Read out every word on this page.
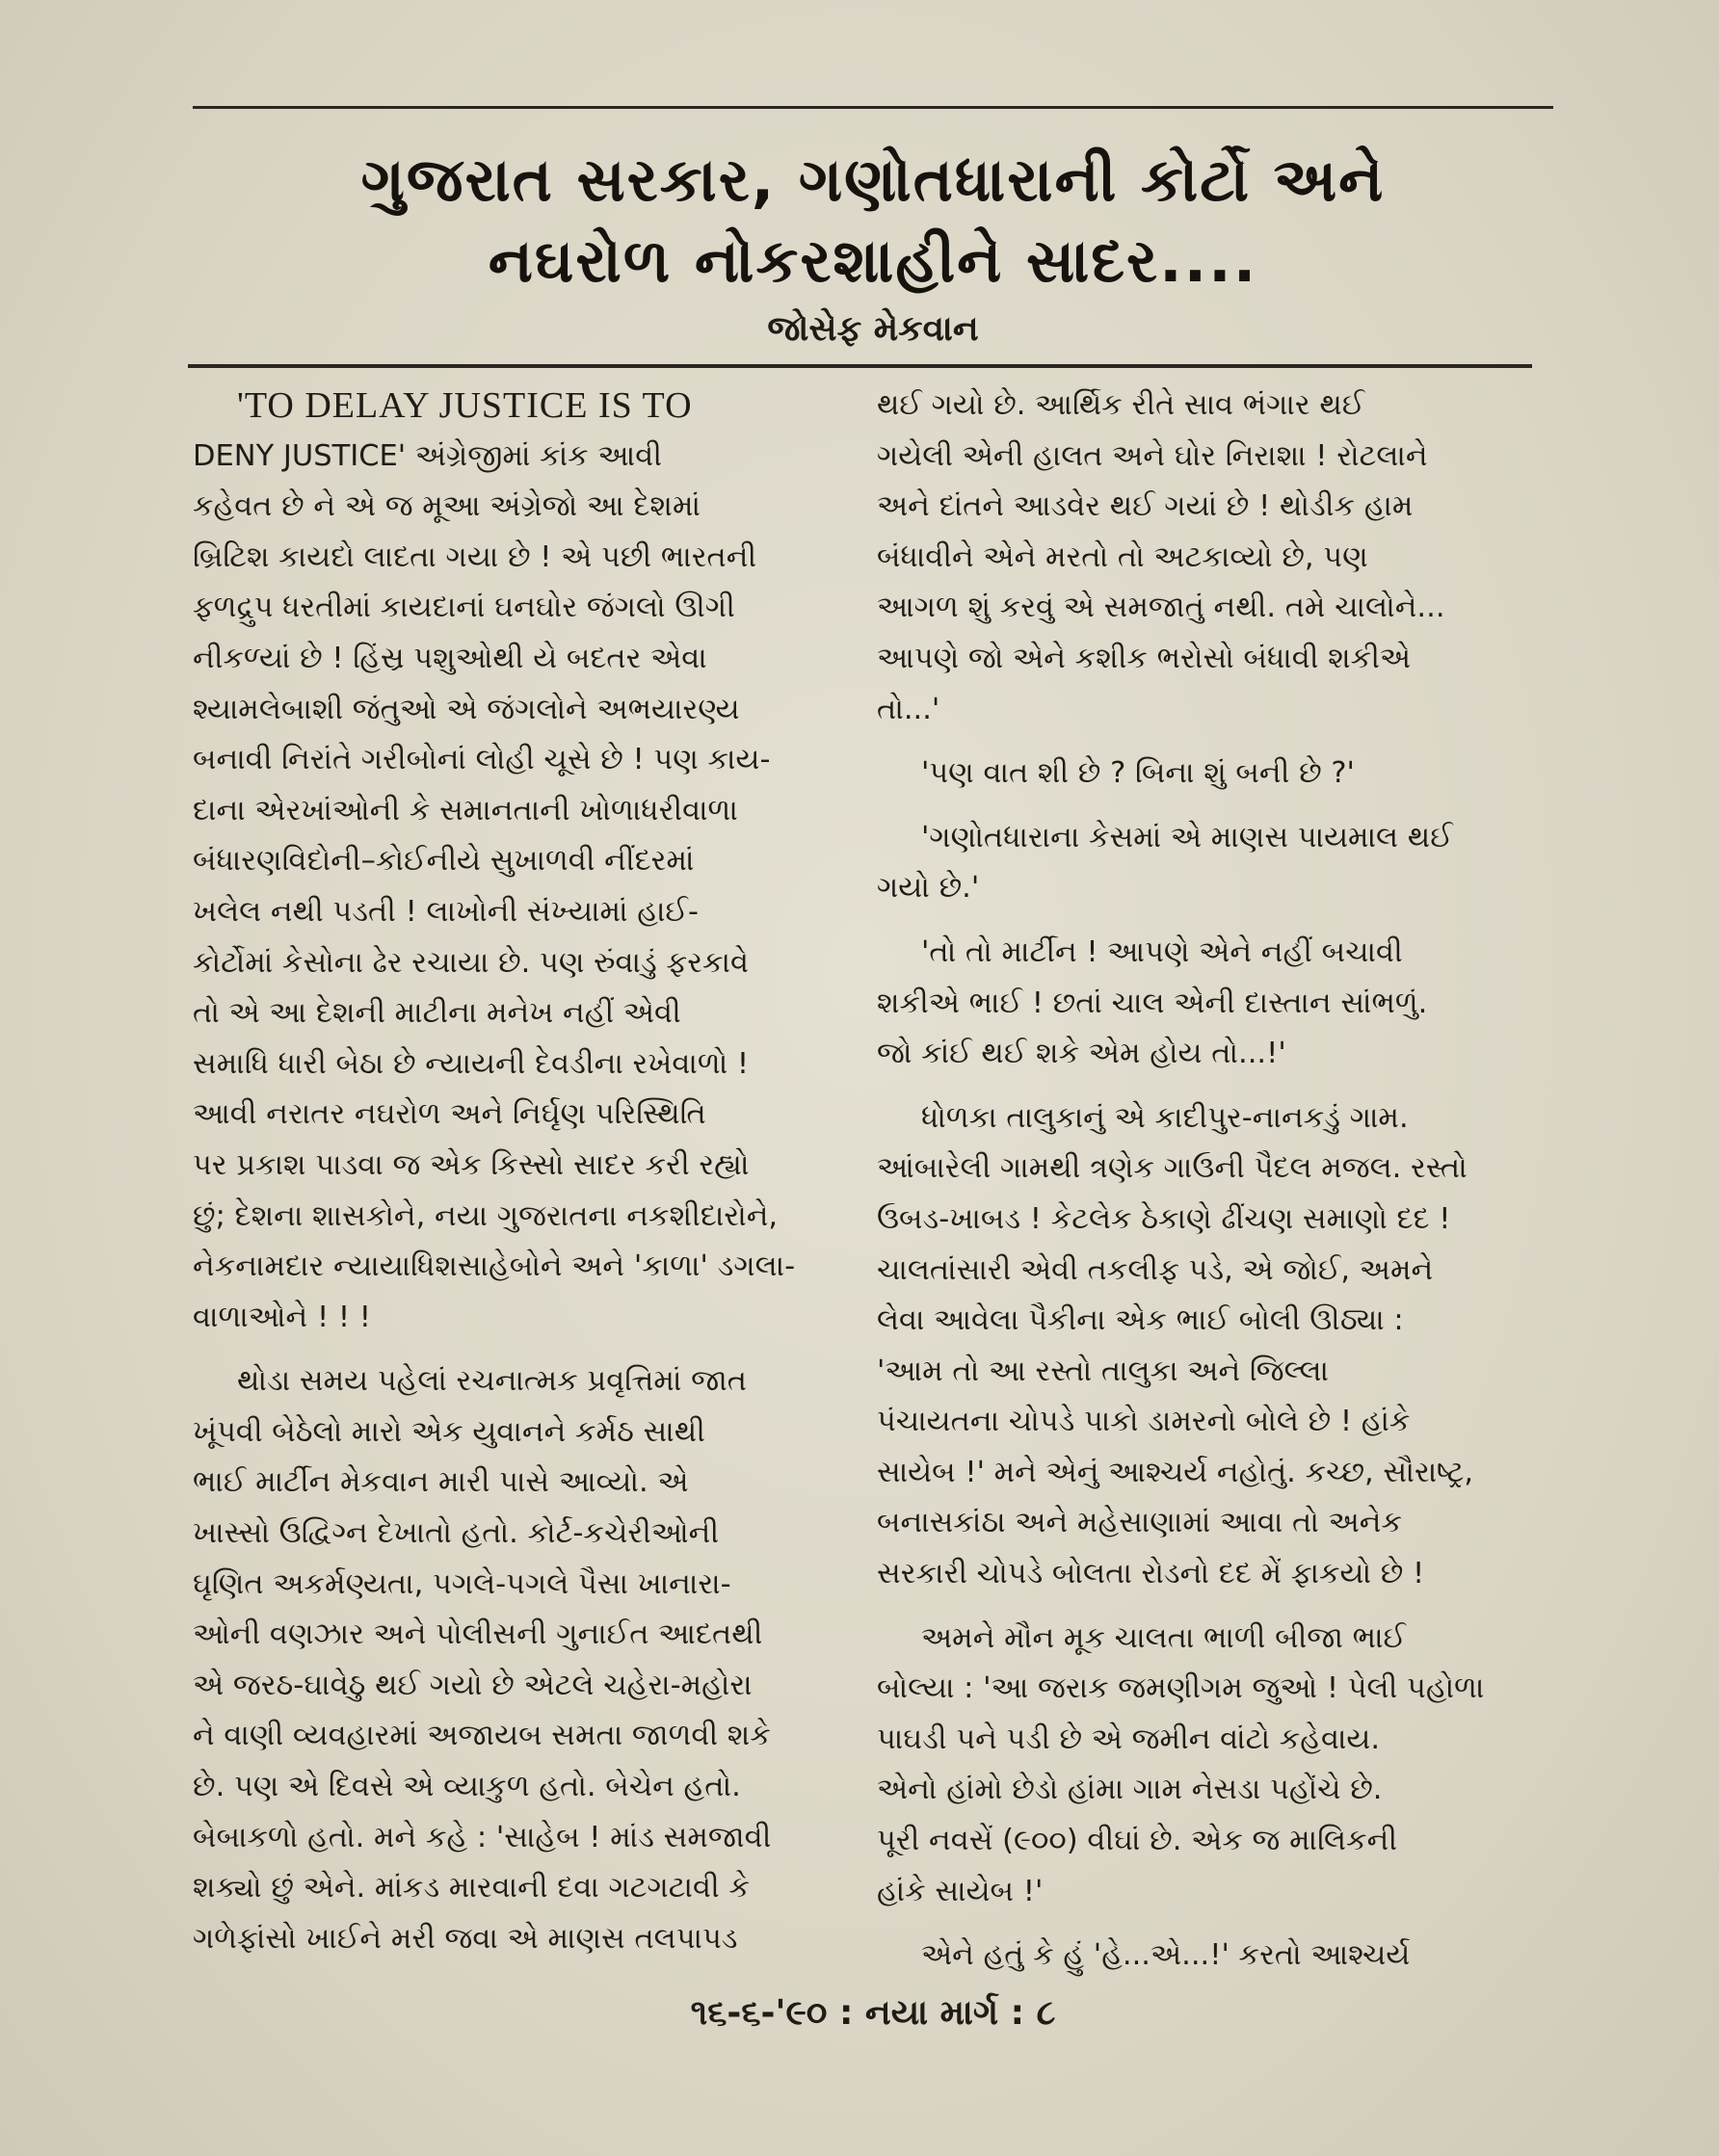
ગુજરાત સરકાર, ગણોતધારાની કોર્ટો અને
નઘરોળ નોકરશાહીને સાદર....
જોસેફ મેકવાન

'TO DELAY JUSTICE IS TO
DENY JUSTICE' અંગ્રેજીમાં કાંક આવી
કહેવત છે ને એ જ મૂઆ અંગ્રેજો આ દેશમાં
બ્રિટિશ કાયદો લાદતા ગયા છે ! એ પછી ભારતની
ફળદ્રુપ ધરતીમાં કાયદાનાં ઘનઘોર જંગલો ઊગી
નીકળ્યાં છે ! હિંસ્ર પશુઓથી યે બદતર એવા
શ્યામલેબાશી જંતુઓ એ જંગલોને અભયારણ્ય
બનાવી નિરાંતે ગરીબોનાં લોહી ચૂસે છે ! પણ કાય-
દાના એરખાંઓની કે સમાનતાની ખોળાધરીવાળા
બંધારણવિદોની–કોઈનીયે સુખાળવી નીંદરમાં
ખલેલ નથી પડતી ! લાખોની સંખ્યામાં હાઈ-
કોર્ટોમાં કેસોના ઢેર રચાયા છે. પણ રુંવાડું ફરકાવે
તો એ આ દેશની માટીના મનેખ નહીં એવી
સમાધિ ધારી બેઠા છે ન્યાયની દેવડીના રખેવાળો !
આવી નરાતર નઘરોળ અને નિર્ઘૃણ પરિસ્થિતિ
પર પ્રકાશ પાડવા જ એક કિસ્સો સાદર કરી રહ્યો
છું; દેશના શાસકોને, નયા ગુજરાતના નકશીદારોને,
નેકનામદાર ન્યાયાધિશસાહેબોને અને 'કાળા' ડગલા-
વાળાઓને ! ! !

થોડા સમય પહેલાં રચનાત્મક પ્રવૃત્તિમાં જાત
ખૂંપવી બેઠેલો મારો એક યુવાનને કર્મઠ સાથી
ભાઈ માર્ટીન મેકવાન મારી પાસે આવ્યો. એ
ખાસ્સો ઉદ્વિગ્ન દેખાતો હતો. કોર્ટ-કચેરીઓની
ઘૃણિત અકર્મણ્યતા, પગલે-પગલે પૈસા ખાનારા-
ઓની વણઝાર અને પોલીસની ગુનાઈત આદતથી
એ જરઠ-ઘાવેઠુ થઈ ગયો છે એટલે ચહેરા-મહોરા
ને વાણી વ્યવહારમાં અજાયબ સમતા જાળવી શકે
છે. પણ એ દિવસે એ વ્યાકુળ હતો. બેચેન હતો.
બેબાકળો હતો. મને કહે : 'સાહેબ ! માંડ સમજાવી
શક્યો છું એને. માંકડ મારવાની દવા ગટગટાવી કે
ગળેફાંસો ખાઈને મરી જવા એ માણસ તલપાપડ

થઈ ગયો છે. આર્થિક રીતે સાવ ભંગાર થઈ
ગયેલી એની હાલત અને ઘોર નિરાશા ! રોટલાને
અને દાંતને આડવેર થઈ ગયાં છે ! થોડીક હામ
બંધાવીને એને મરતો તો અટકાવ્યો છે, પણ
આગળ શું કરવું એ સમજાતું નથી. તમે ચાલોને...
આપણે જો એને કશીક ભરોસો બંધાવી શકીએ
તો...'

'પણ વાત શી છે ? બિના શું બની છે ?'

'ગણોતધારાના કેસમાં એ માણસ પાયમાલ થઈ
ગયો છે.'

'તો તો માર્ટીન ! આપણે એને નહીં બચાવી
શકીએ ભાઈ ! છતાં ચાલ એની દાસ્તાન સાંભળું.
જો કાંઈ થઈ શકે એમ હોય તો...!'

ધોળકા તાલુકાનું એ કાદીપુર-નાનકડું ગામ.
આંબારેલી ગામથી ત્રણેક ગાઉની પૈદલ મજલ. રસ્તો
ઉબડ-ખાબડ ! કેટલેક ઠેકાણે ઢીંચણ સમાણો દદ !
ચાલતાંસારી એવી તકલીફ પડે, એ જોઈ, અમને
લેવા આવેલા પૈકીના એક ભાઈ બોલી ઊઠ્યા :
'આમ તો આ રસ્તો તાલુકા અને જિલ્લા
પંચાયતના ચોપડે પાકો ડામરનો બોલે છે ! હાંકે
સાયેબ !' મને એનું આશ્ચર્ય નહોતું. કચ્છ, સૌરાષ્ટ્ર,
બનાસકાંઠા અને મહેસાણામાં આવા તો અનેક
સરકારી ચોપડે બોલતા રોડનો દદ મેં ફાકયો છે !

અમને મૌન મૂક ચાલતા ભાળી બીજા ભાઈ
બોલ્યા : 'આ જરાક જમણીગમ જુઓ ! પેલી પહોળા
પાઘડી પને પડી છે એ જમીન વાંટો કહેવાય.
એનો હાંમો છેડો હાંમા ગામ નેસડા પહોંચે છે.
પૂરી નવસેં (૯૦૦) વીઘાં છે. એક જ માલિકની
હાંકે સાયેબ !'

એને હતું કે હું 'હે...એ...!' કરતો આશ્ચર્ય

૧૬-૬-'૯૦ : નયા માર્ગ : ૮
